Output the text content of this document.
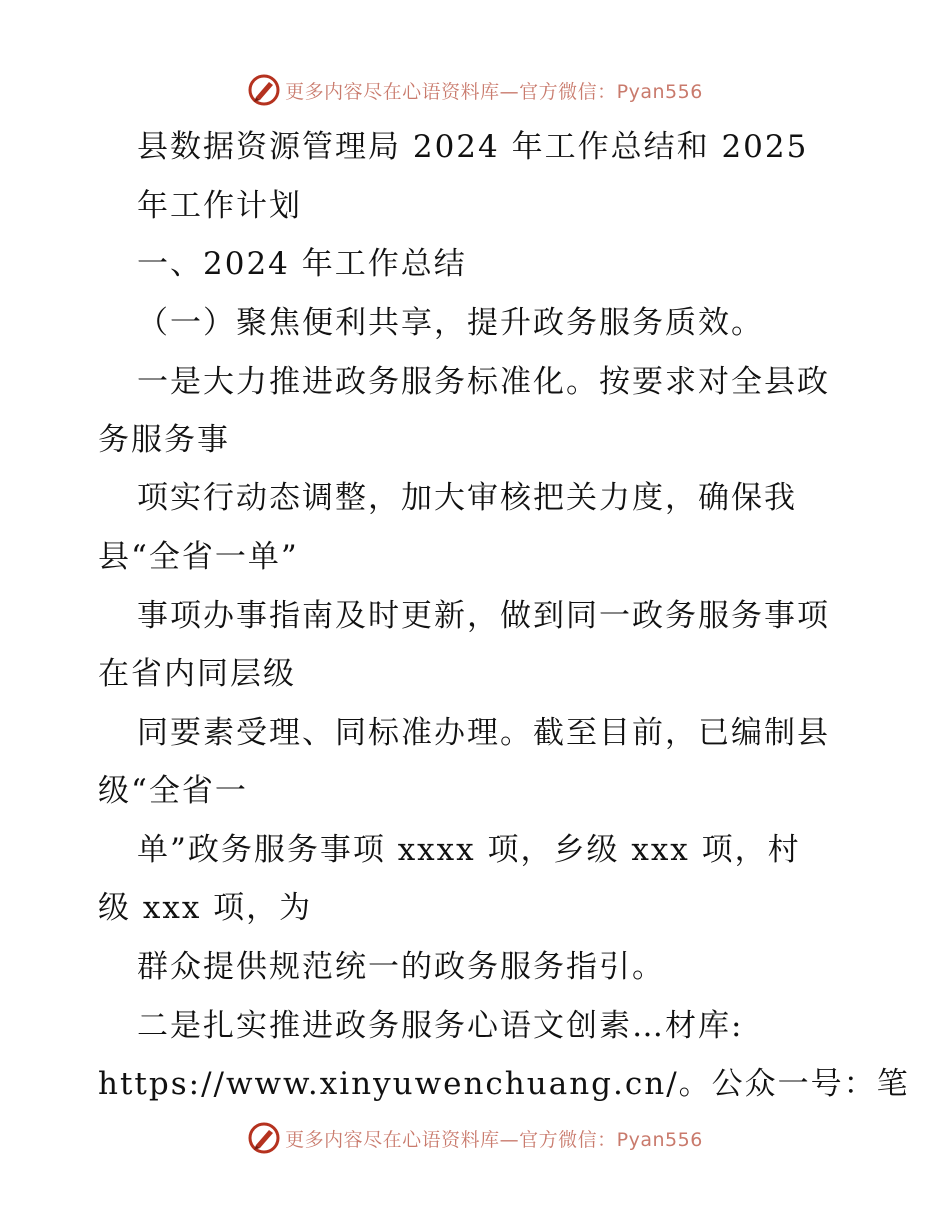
更多内容尽在心语资料库—官方微信：Pyan556
县数据资源管理局 2024 年工作总结和 2025
年工作计划
一、2024 年工作总结
（一）聚焦便利共享，提升政务服务质效。
一是大力推进政务服务标准化。按要求对全县政
务服务事
项实行动态调整，加大审核把关力度，确保我
县“全省一单”
事项办事指南及时更新，做到同一政务服务事项
在省内同层级
同要素受理、同标准办理。截至目前，已编制县
级“全省一
单”政务服务事项 xxxx 项，乡级 xxx 项，村
级 xxx 项，为
群众提供规范统一的政务服务指引。
二是扎实推进政务服务心语文创素…材库:
https://www.xinyuwenchuang.cn/。公众一号：笔
更多内容尽在心语资料库—官方微信：Pyan556
